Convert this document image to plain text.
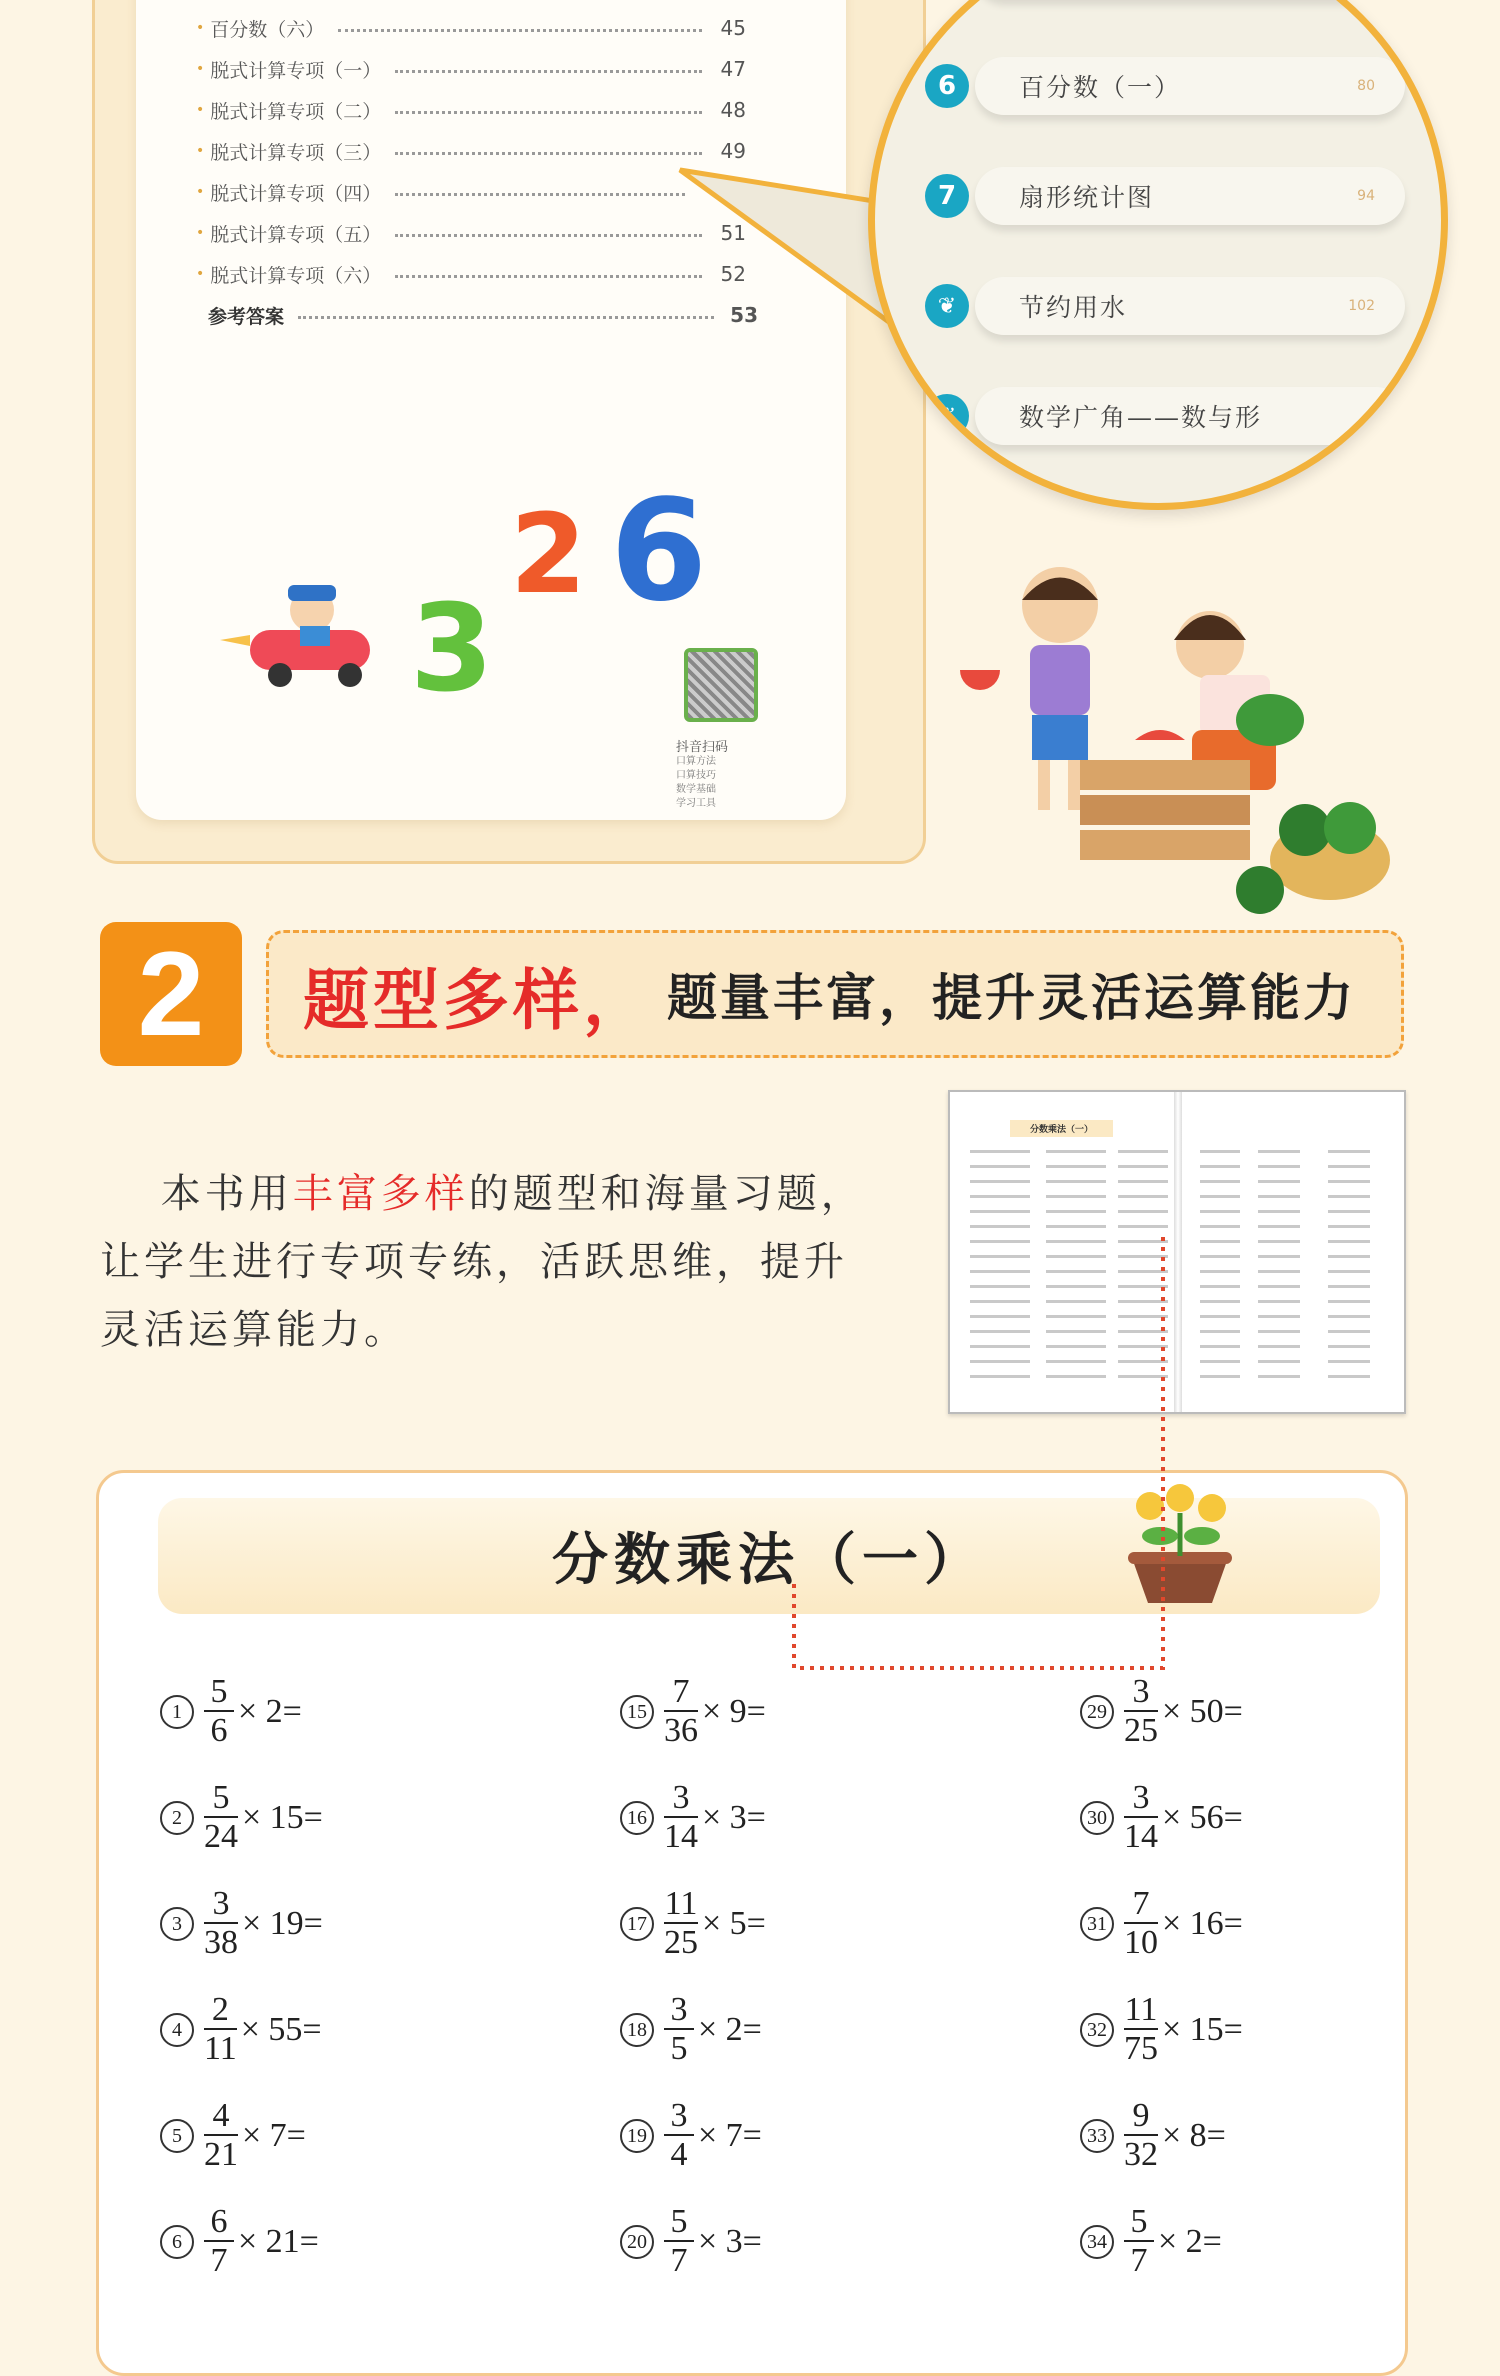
• 百分数（六）	45
• 脱式计算专项（一）	47
• 脱式计算专项（二）	48
• 脱式计算专项（三）	49
• 脱式计算专项（四）
• 脱式计算专项（五）	51
• 脱式计算专项（六）	52
参考答案	53
6	百分数（一）	80
7	扇形统计图	94
❦	节约用水	102
❦	数学广角——数与形
3
2 6
抖音扫码
口算方法
口算技巧
数学基础
学习工具
2	题型多样， 题量丰富，提升灵活运算能力
  本书用丰富多样的题型和海量习题，让学生进行专项专练，活跃思维，提升灵活运算能力。
分数乘法（一）
分数乘法（一）
$1 \frac{5}{6} \times 2=$
$2 \frac{5}{24} \times 15=$
$3 \frac{3}{38} \times 19=$
$4 \frac{2}{11} \times 55=$
$5 \frac{4}{21} \times 7=$
$6 \frac{6}{7} \times 21=$
$15 \frac{7}{36} \times 9=$
$16 \frac{3}{14} \times 3=$
$17 \frac{11}{25} \times 5=$
$18 \frac{3}{5} \times 2=$
$19 \frac{3}{4} \times 7=$
$20 \frac{5}{7} \times 3=$
$29 \frac{3}{25} \times 50=$
$30 \frac{3}{14} \times 56=$
$31 \frac{7}{10} \times 16=$
$32 \frac{11}{75} \times 15=$
$33 \frac{9}{32} \times 8=$
$34 \frac{5}{7} \times 2=$
